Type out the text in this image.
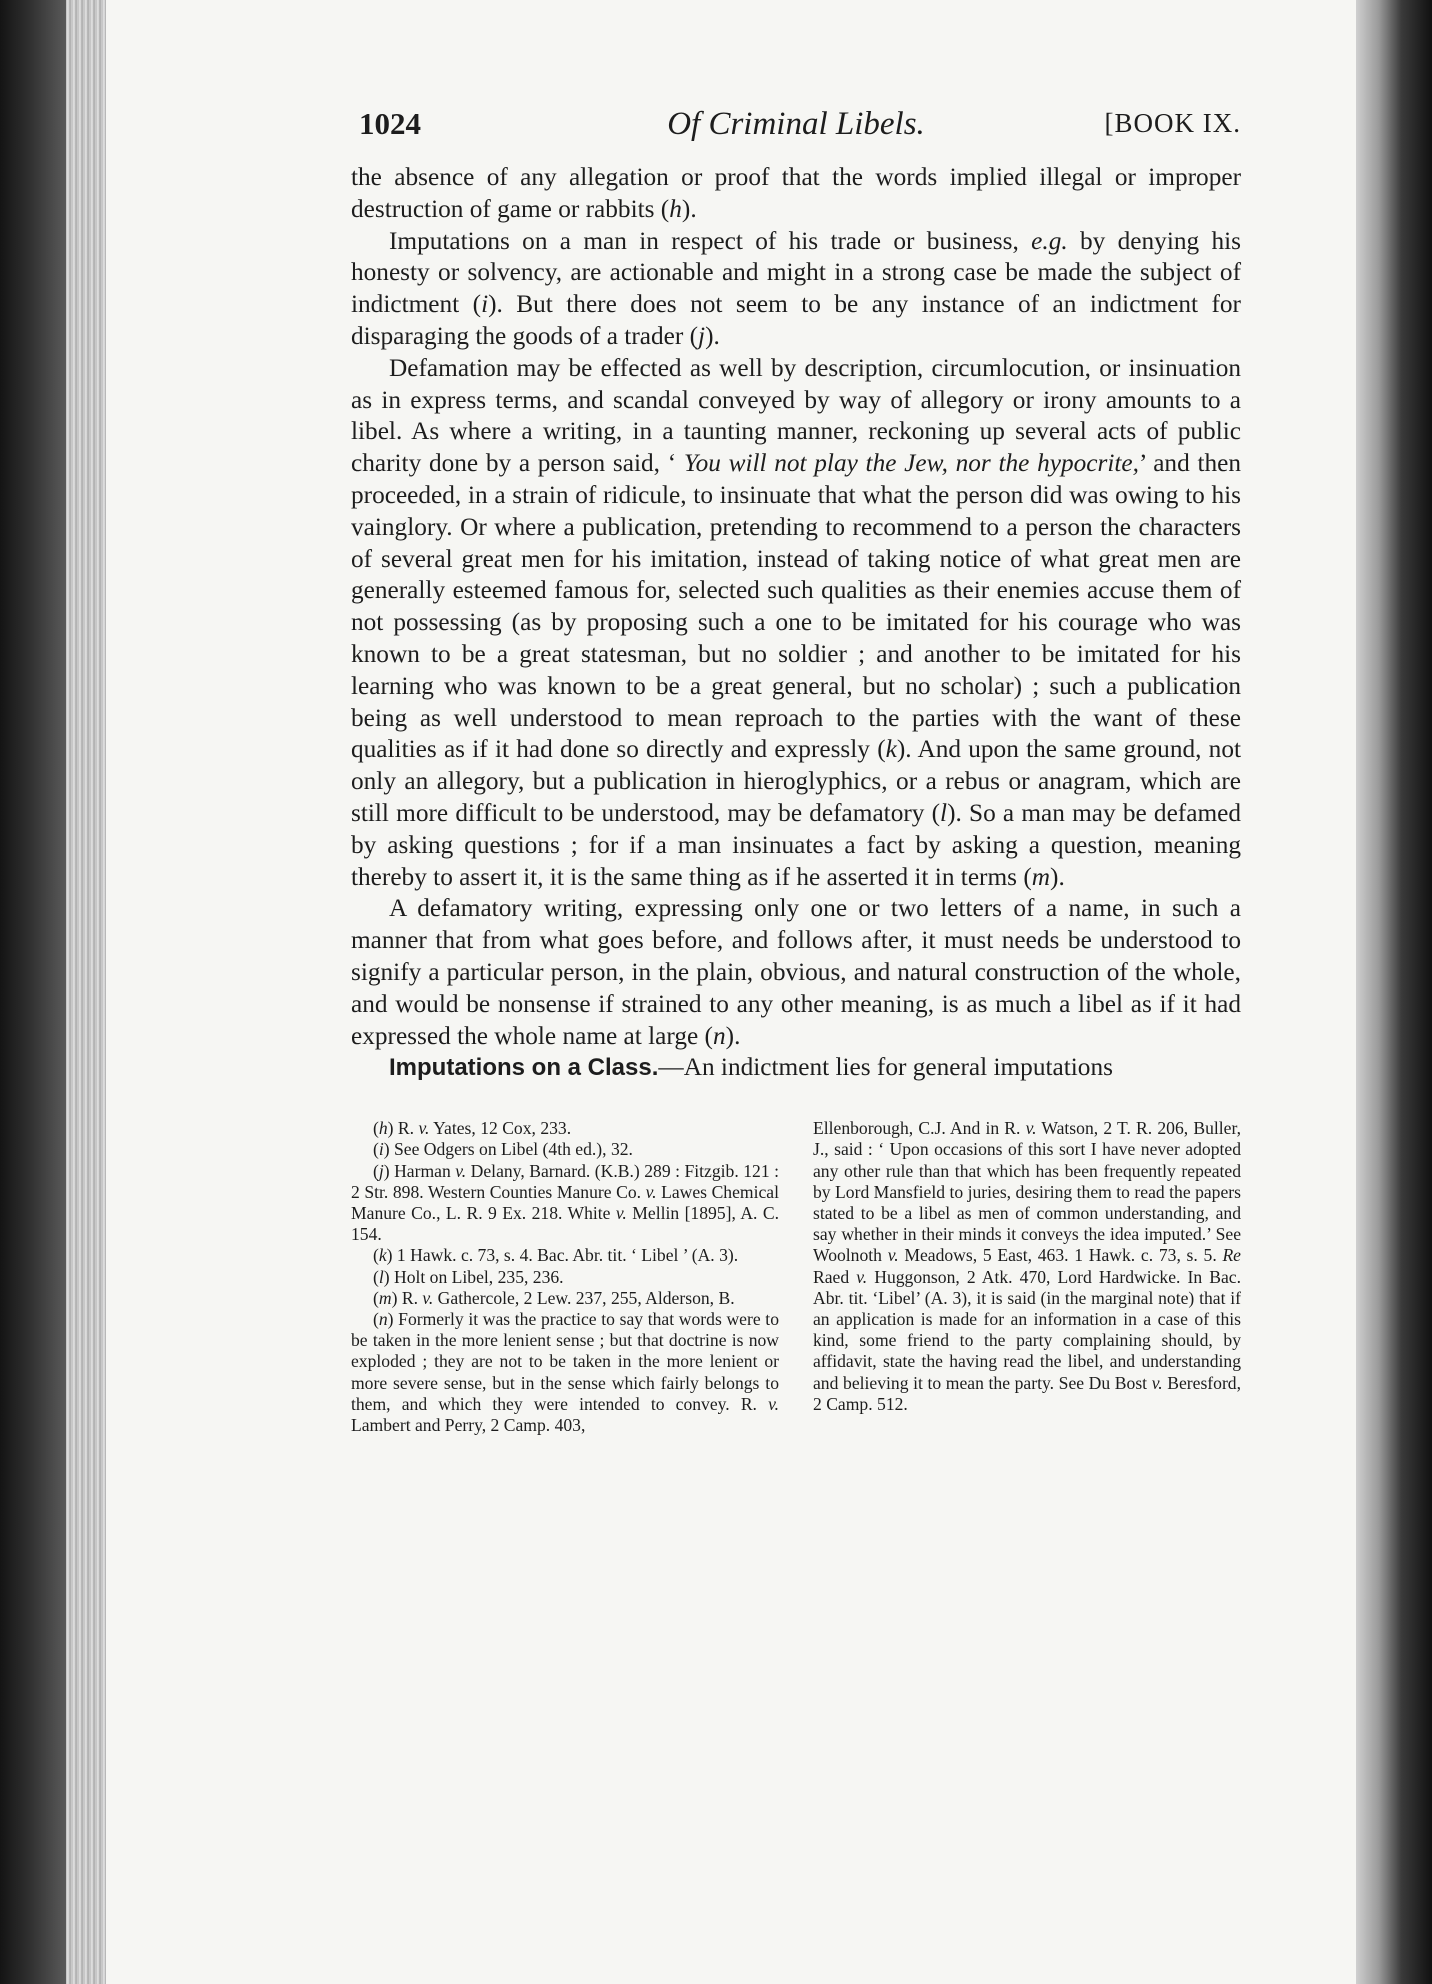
1024	Of Criminal Libels.	[BOOK IX.

the absence of any allegation or proof that the words implied illegal or improper destruction of game or rabbits (h).

Imputations on a man in respect of his trade or business, e.g. by denying his honesty or solvency, are actionable and might in a strong case be made the subject of indictment (i). But there does not seem to be any instance of an indictment for disparaging the goods of a trader (j).

Defamation may be effected as well by description, circumlocution, or insinuation as in express terms, and scandal conveyed by way of allegory or irony amounts to a libel. As where a writing, in a taunting manner, reckoning up several acts of public charity done by a person said, ‘ You will not play the Jew, nor the hypocrite,’ and then proceeded, in a strain of ridicule, to insinuate that what the person did was owing to his vainglory. Or where a publication, pretending to recommend to a person the characters of several great men for his imitation, instead of taking notice of what great men are generally esteemed famous for, selected such qualities as their enemies accuse them of not possessing (as by proposing such a one to be imitated for his courage who was known to be a great statesman, but no soldier ; and another to be imitated for his learning who was known to be a great general, but no scholar) ; such a publication being as well understood to mean reproach to the parties with the want of these qualities as if it had done so directly and expressly (k). And upon the same ground, not only an allegory, but a publication in hieroglyphics, or a rebus or anagram, which are still more difficult to be understood, may be defamatory (l). So a man may be defamed by asking questions ; for if a man insinuates a fact by asking a question, meaning thereby to assert it, it is the same thing as if he asserted it in terms (m).

A defamatory writing, expressing only one or two letters of a name, in such a manner that from what goes before, and follows after, it must needs be understood to signify a particular person, in the plain, obvious, and natural construction of the whole, and would be nonsense if strained to any other meaning, is as much a libel as if it had expressed the whole name at large (n).

Imputations on a Class.—An indictment lies for general imputations

(h) R. v. Yates, 12 Cox, 233.

(i) See Odgers on Libel (4th ed.), 32.

(j) Harman v. Delany, Barnard. (K.B.) 289 : Fitzgib. 121 : 2 Str. 898. Western Counties Manure Co. v. Lawes Chemical Manure Co., L. R. 9 Ex. 218. White v. Mellin [1895], A. C. 154.

(k) 1 Hawk. c. 73, s. 4. Bac. Abr. tit. ‘ Libel ’ (A. 3).

(l) Holt on Libel, 235, 236.

(m) R. v. Gathercole, 2 Lew. 237, 255, Alderson, B.

(n) Formerly it was the practice to say that words were to be taken in the more lenient sense ; but that doctrine is now exploded ; they are not to be taken in the more lenient or more severe sense, but in the sense which fairly belongs to them, and which they were intended to convey. R. v. Lambert and Perry, 2 Camp. 403,

Ellenborough, C.J. And in R. v. Watson, 2 T. R. 206, Buller, J., said : ‘ Upon occasions of this sort I have never adopted any other rule than that which has been frequently repeated by Lord Mansfield to juries, desiring them to read the papers stated to be a libel as men of common understanding, and say whether in their minds it conveys the idea imputed.’ See Woolnoth v. Meadows, 5 East, 463. 1 Hawk. c. 73, s. 5. Re Raed v. Huggonson, 2 Atk. 470, Lord Hardwicke. In Bac. Abr. tit. ‘Libel’ (A. 3), it is said (in the marginal note) that if an application is made for an information in a case of this kind, some friend to the party complaining should, by affidavit, state the having read the libel, and understanding and believing it to mean the party. See Du Bost v. Beresford, 2 Camp. 512.
